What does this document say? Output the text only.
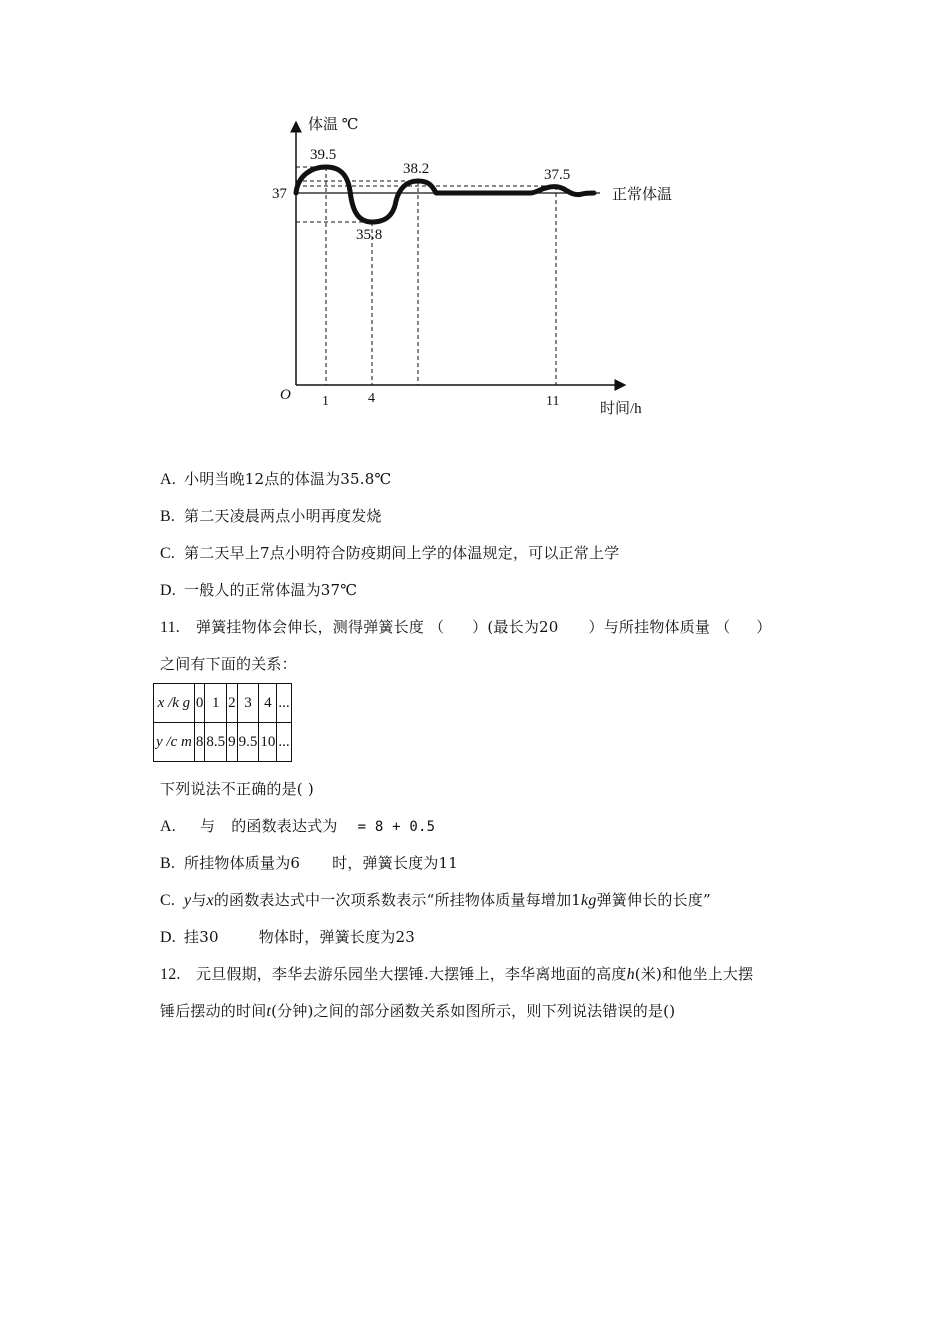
体温 ℃
时间/h
O
正常体温
37
1	4	11
39.5
35.8
38.2	37.5
A. 小明当晚12点的体温为35.8℃
B. 第二天凌晨两点小明再度发烧
C. 第二天早上7点小明符合防疫期间上学的体温规定，可以正常上学
D. 一般人的正常体温为37℃
11. 弹簧挂物体会伸长，测得弹簧长度 （ ）(最长为20 ）与所挂物体质量 （ ）
之间有下面的关系：
x /k g	0	1	2	3	4	...
y /c m	8	8.5	9	9.5	10	...
下列说法不正确的是( )
A. 与 的函数表达式为 = 8 + 0.5
B. 所挂物体质量为6 时，弹簧长度为11
C. y与x的函数表达式中一次项系数表示“所挂物体质量每增加1kg弹簧伸长的长度”
D. 挂30	物体时，弹簧长度为23
12. 元旦假期，李华去游乐园坐大摆锤.大摆锤上，李华离地面的高度h(米)和他坐上大摆
锤后摆动的时间t(分钟)之间的部分函数关系如图所示，则下列说法错误的是()
